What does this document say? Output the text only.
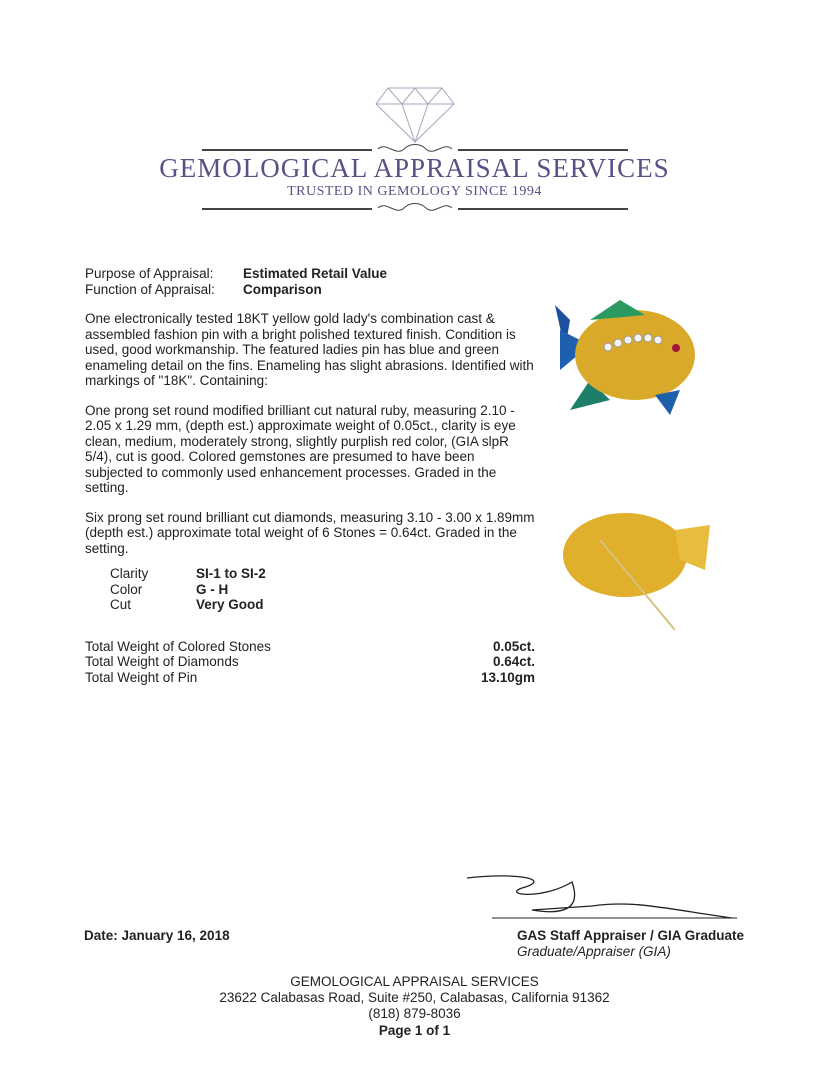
GEMOLOGICAL APPRAISAL SERVICES
TRUSTED IN GEMOLOGY SINCE 1994
Purpose of Appraisal:	Estimated Retail Value
Function of Appraisal:	Comparison
One electronically tested 18KT yellow gold lady's combination cast & assembled fashion pin with a bright polished textured finish. Condition is used, good workmanship. The featured ladies pin has blue and green enameling detail on the fins. Enameling has slight abrasions. Identified with markings of "18K". Containing:
One prong set round modified brilliant cut natural ruby, measuring 2.10 - 2.05 x 1.29 mm, (depth est.) approximate weight of 0.05ct., clarity is eye clean, medium, moderately strong, slightly purplish red color, (GIA slpR 5/4), cut is good. Colored gemstones are presumed to have been subjected to commonly used enhancement processes. Graded in the setting.
Six prong set round brilliant cut diamonds, measuring 3.10 - 3.00 x 1.89mm (depth est.) approximate total weight of 6 Stones = 0.64ct. Graded in the setting.
Clarity	SI-1 to SI-2
Color	G - H
Cut	Very Good
Total Weight of Colored Stones	0.05ct.
Total Weight of Diamonds	0.64ct.
Total Weight of Pin	13.10gm
Date: January 16, 2018	GAS Staff Appraiser / GIA Graduate
Graduate/Appraiser (GIA)
GEMOLOGICAL APPRAISAL SERVICES
23622 Calabasas Road, Suite #250, Calabasas, California 91362
(818) 879-8036
Page 1 of 1
